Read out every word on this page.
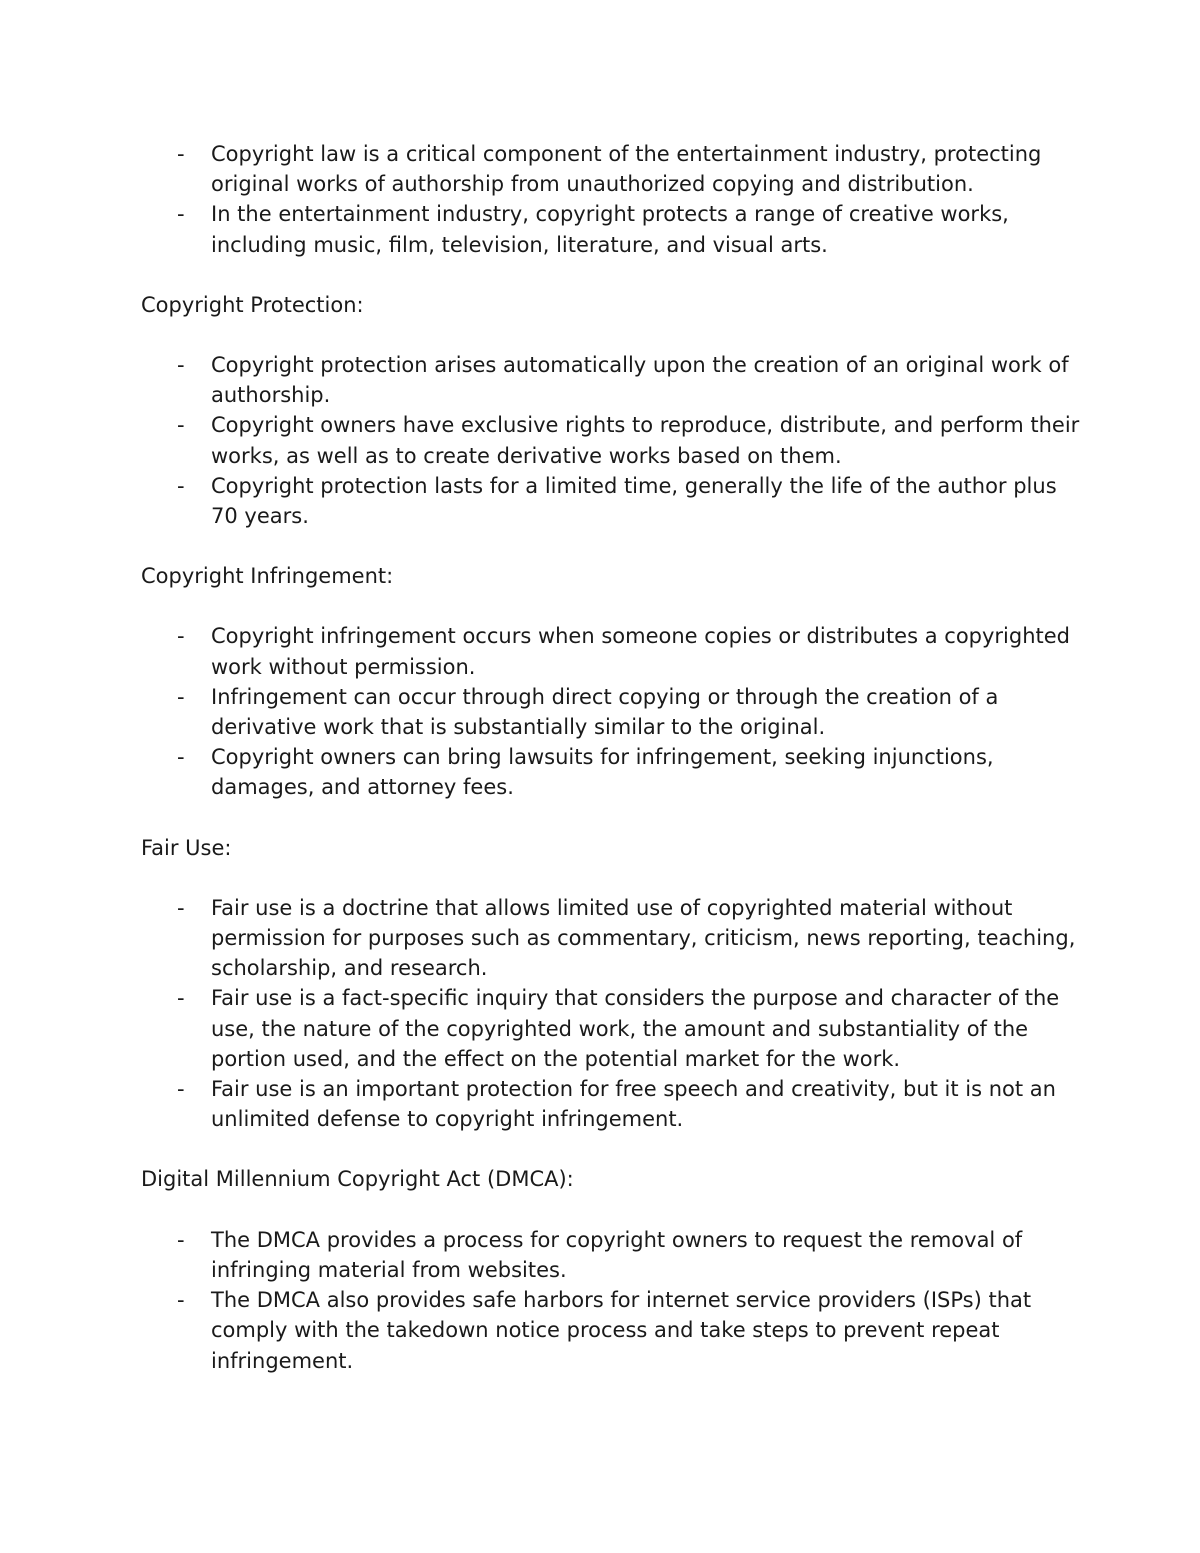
- Copyright law is a critical component of the entertainment industry, protecting original works of authorship from unauthorized copying and distribution.
- In the entertainment industry, copyright protects a range of creative works, including music, film, television, literature, and visual arts.
Copyright Protection:
- Copyright protection arises automatically upon the creation of an original work of authorship.
- Copyright owners have exclusive rights to reproduce, distribute, and perform their works, as well as to create derivative works based on them.
- Copyright protection lasts for a limited time, generally the life of the author plus 70 years.
Copyright Infringement:
- Copyright infringement occurs when someone copies or distributes a copyrighted work without permission.
- Infringement can occur through direct copying or through the creation of a derivative work that is substantially similar to the original.
- Copyright owners can bring lawsuits for infringement, seeking injunctions, damages, and attorney fees.
Fair Use:
- Fair use is a doctrine that allows limited use of copyrighted material without permission for purposes such as commentary, criticism, news reporting, teaching, scholarship, and research.
- Fair use is a fact-specific inquiry that considers the purpose and character of the use, the nature of the copyrighted work, the amount and substantiality of the portion used, and the effect on the potential market for the work.
- Fair use is an important protection for free speech and creativity, but it is not an unlimited defense to copyright infringement.
Digital Millennium Copyright Act (DMCA):
- The DMCA provides a process for copyright owners to request the removal of infringing material from websites.
- The DMCA also provides safe harbors for internet service providers (ISPs) that comply with the takedown notice process and take steps to prevent repeat infringement.
